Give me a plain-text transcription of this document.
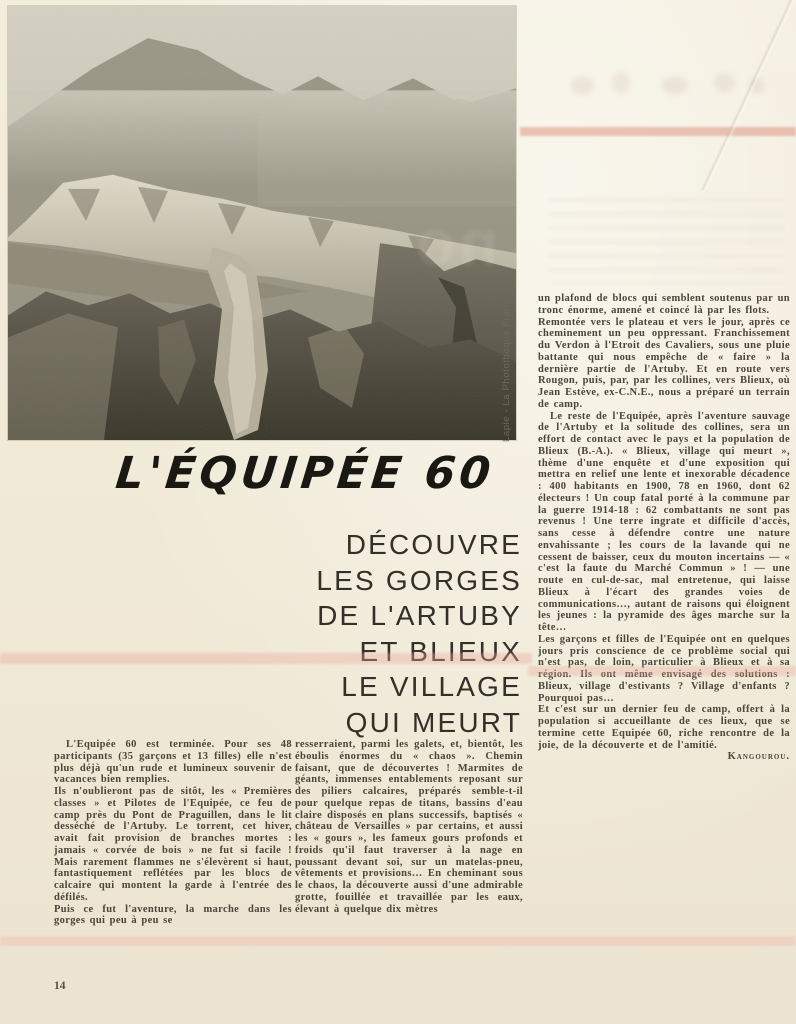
no
Lapie - La Photothèque Française
L'ÉQUIPÉE 60
DÉCOUVRE
LES GORGES
DE L'ARTUBY
ET BLIEUX
LE VILLAGE
QUI MEURT

L'Equipée 60 est terminée. Pour ses 48 participants (35 garçons et 13 filles) elle n'est plus déjà qu'un rude et lumineux souvenir de vacances bien remplies.

Ils n'oublieront pas de sitôt, les « Premières classes » et Pilotes de l'Equipée, ce feu de camp près du Pont de Praguillen, dans le lit desséché de l'Artuby. Le torrent, cet hiver, avait fait provision de branches mortes : jamais « corvée de bois » ne fut si facile ! Mais rarement flammes ne s'élevèrent si haut, fantastiquement reflétées par les blocs de calcaire qui montent la garde à l'entrée des défilés.

Puis ce fut l'aventure, la marche dans les gorges qui peu à peu se

resserraient, parmi les galets, et, bientôt, les éboulis énormes du « chaos ». Chemin faisant, que de découvertes ! Marmites de géants, immenses entablements reposant sur des piliers calcaires, préparés semble-t-il pour quelque repas de titans, bassins d'eau claire disposés en plans successifs, baptisés « château de Versailles » par certains, et aussi les « gours », les fameux gours profonds et froids qu'il faut traverser à la nage en poussant devant soi, sur un matelas-pneu, vêtements et provisions… En cheminant sous le chaos, la découverte aussi d'une admirable grotte, fouillée et travaillée par les eaux, élevant à quelque dix mètres

un plafond de blocs qui semblent soutenus par un tronc énorme, amené et coincé là par les flots.

Remontée vers le plateau et vers le jour, après ce cheminement un peu oppressant. Franchissement du Verdon à l'Etroit des Cavaliers, sous une pluie battante qui nous empêche de « faire » la dernière partie de l'Artuby. Et en route vers Rougon, puis, par, par les collines, vers Blieux, où Jean Estève, ex-C.N.E., nous a préparé un terrain de camp.

Le reste de l'Equipée, après l'aventure sauvage de l'Artuby et la solitude des collines, sera un effort de contact avec le pays et la population de Blieux (B.-A.). « Blieux, village qui meurt », thème d'une enquête et d'une exposition qui mettra en relief une lente et inexorable décadence : 400 habitants en 1900, 78 en 1960, dont 62 électeurs ! Un coup fatal porté à la commune par la guerre 1914-18 : 62 combattants ne sont pas revenus ! Une terre ingrate et difficile d'accès, sans cesse à défendre contre une nature envahissante ; les cours de la lavande qui ne cessent de baisser, ceux du mouton incertains — « c'est la faute du Marché Commun » ! — une route en cul-de-sac, mal entretenue, qui laisse Blieux à l'écart des grandes voies de communications…, autant de raisons qui éloignent les jeunes : la pyramide des âges marche sur la tête…

Les garçons et filles de l'Equipée ont en quelques jours pris conscience de ce problème social qui n'est pas, de loin, particulier à Blieux et à sa région. Ils ont même envisagé des solutions : Blieux, village d'estivants ? Village d'enfants ? Pourquoi pas…

Et c'est sur un dernier feu de camp, offert à la population si accueillante de ces lieux, que se termine cette Equipée 60, riche rencontre de la joie, de la découverte et de l'amitié.

Kangourou.

14
